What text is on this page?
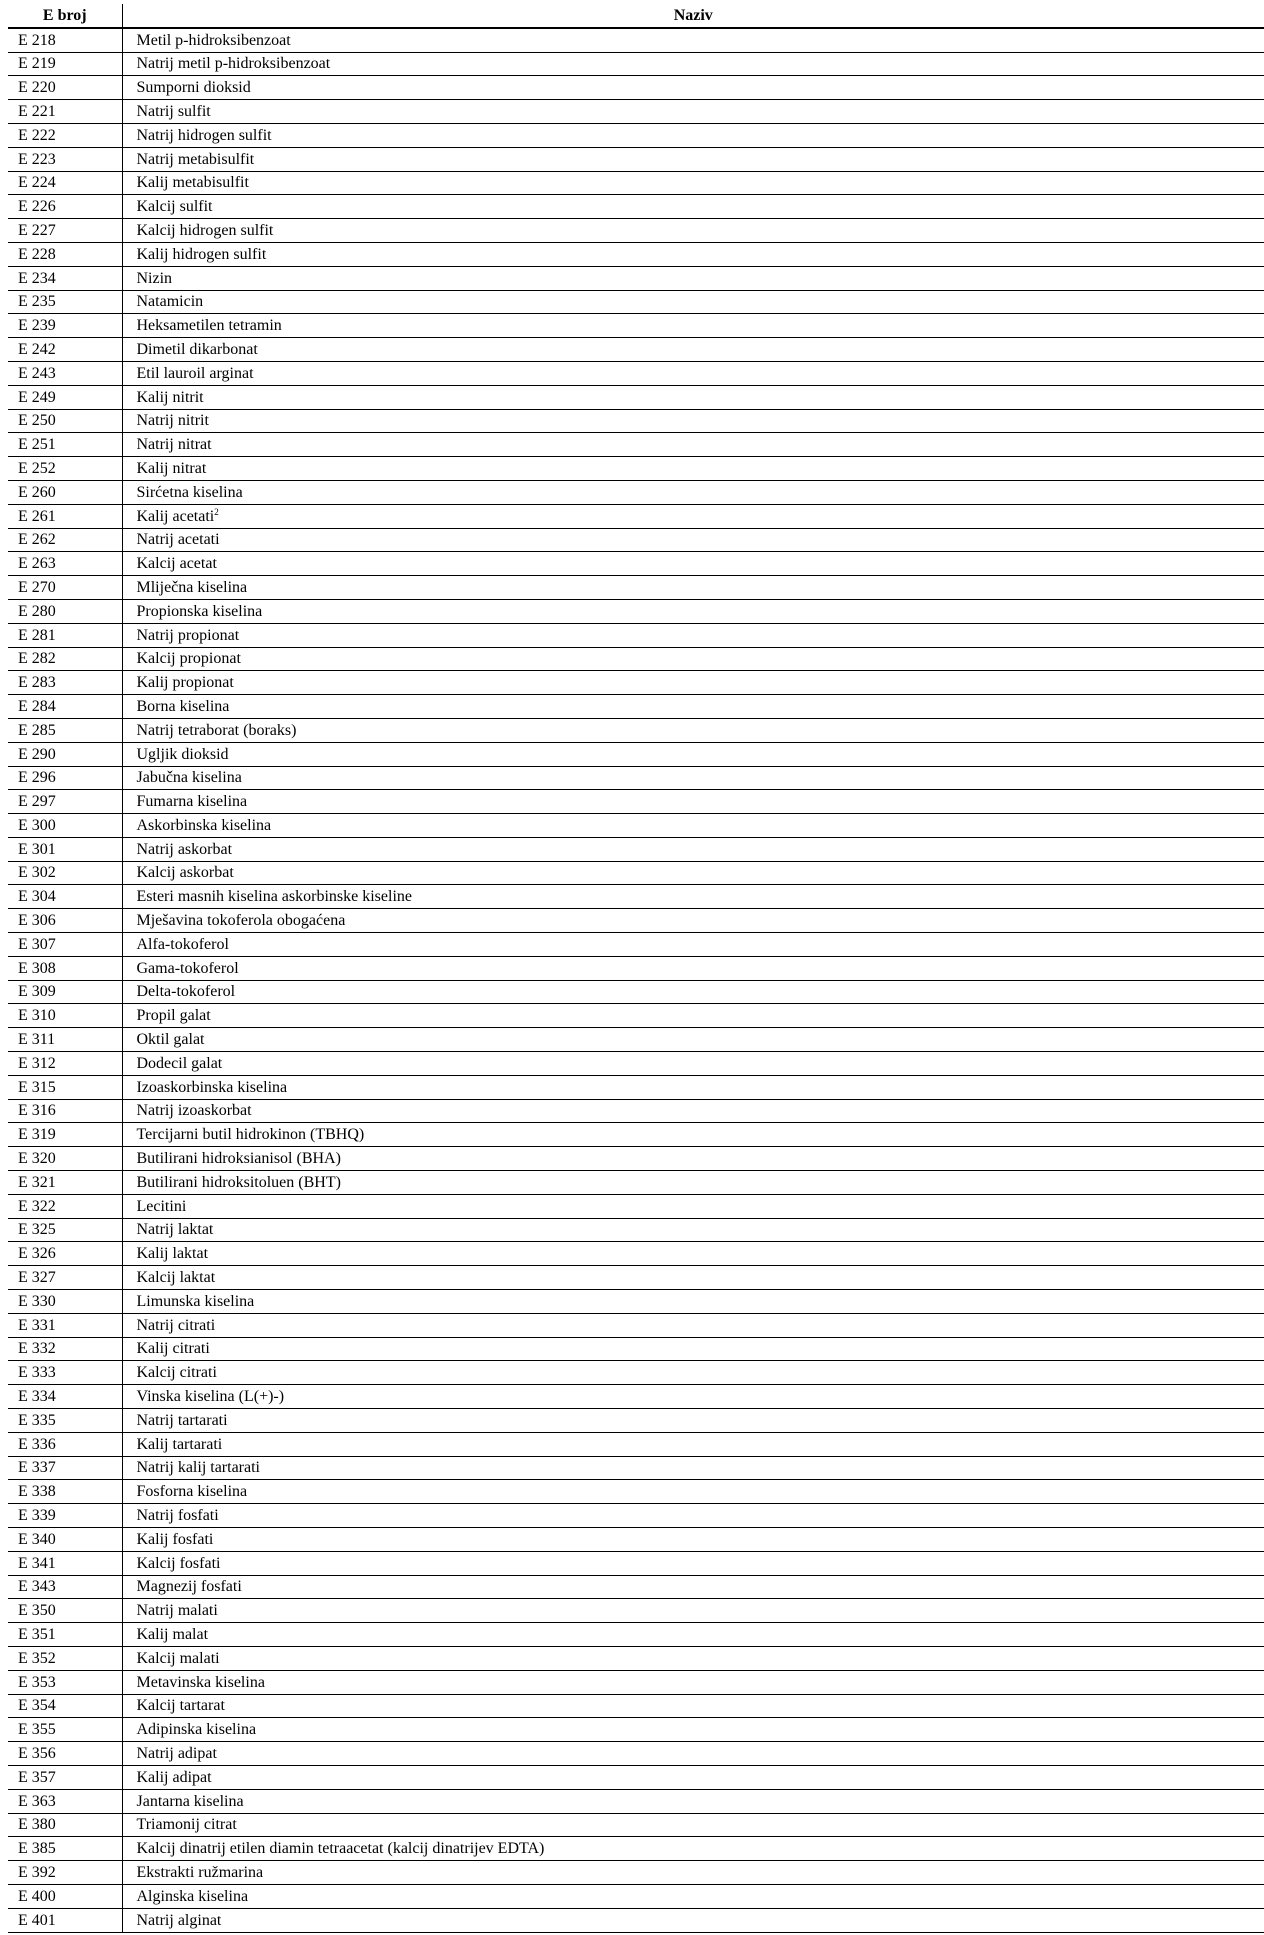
E broj	Naziv
E 218	Metil p-hidroksibenzoat
E 219	Natrij metil p-hidroksibenzoat
E 220	Sumporni dioksid
E 221	Natrij sulfit
E 222	Natrij hidrogen sulfit
E 223	Natrij metabisulfit
E 224	Kalij metabisulfit
E 226	Kalcij sulfit
E 227	Kalcij hidrogen sulfit
E 228	Kalij hidrogen sulfit
E 234	Nizin
E 235	Natamicin
E 239	Heksametilen tetramin
E 242	Dimetil dikarbonat
E 243	Etil lauroil arginat
E 249	Kalij nitrit
E 250	Natrij nitrit
E 251	Natrij nitrat
E 252	Kalij nitrat
E 260	Sirćetna kiselina
E 261	Kalij acetati$^2$
E 262	Natrij acetati
E 263	Kalcij acetat
E 270	Mliječna kiselina
E 280	Propionska kiselina
E 281	Natrij propionat
E 282	Kalcij propionat
E 283	Kalij propionat
E 284	Borna kiselina
E 285	Natrij tetraborat (boraks)
E 290	Ugljik dioksid
E 296	Jabučna kiselina
E 297	Fumarna kiselina
E 300	Askorbinska kiselina
E 301	Natrij askorbat
E 302	Kalcij askorbat
E 304	Esteri masnih kiselina askorbinske kiseline
E 306	Mješavina tokoferola obogaćena
E 307	Alfa-tokoferol
E 308	Gama-tokoferol
E 309	Delta-tokoferol
E 310	Propil galat
E 311	Oktil galat
E 312	Dodecil galat
E 315	Izoaskorbinska kiselina
E 316	Natrij izoaskorbat
E 319	Tercijarni butil hidrokinon (TBHQ)
E 320	Butilirani hidroksianisol (BHA)
E 321	Butilirani hidroksitoluen (BHT)
E 322	Lecitini
E 325	Natrij laktat
E 326	Kalij laktat
E 327	Kalcij laktat
E 330	Limunska kiselina
E 331	Natrij citrati
E 332	Kalij citrati
E 333	Kalcij citrati
E 334	Vinska kiselina (L(+)-)
E 335	Natrij tartarati
E 336	Kalij tartarati
E 337	Natrij kalij tartarati
E 338	Fosforna kiselina
E 339	Natrij fosfati
E 340	Kalij fosfati
E 341	Kalcij fosfati
E 343	Magnezij fosfati
E 350	Natrij malati
E 351	Kalij malat
E 352	Kalcij malati
E 353	Metavinska kiselina
E 354	Kalcij tartarat
E 355	Adipinska kiselina
E 356	Natrij adipat
E 357	Kalij adipat
E 363	Jantarna kiselina
E 380	Triamonij citrat
E 385	Kalcij dinatrij etilen diamin tetraacetat (kalcij dinatrijev EDTA)
E 392	Ekstrakti ružmarina
E 400	Alginska kiselina
E 401	Natrij alginat
